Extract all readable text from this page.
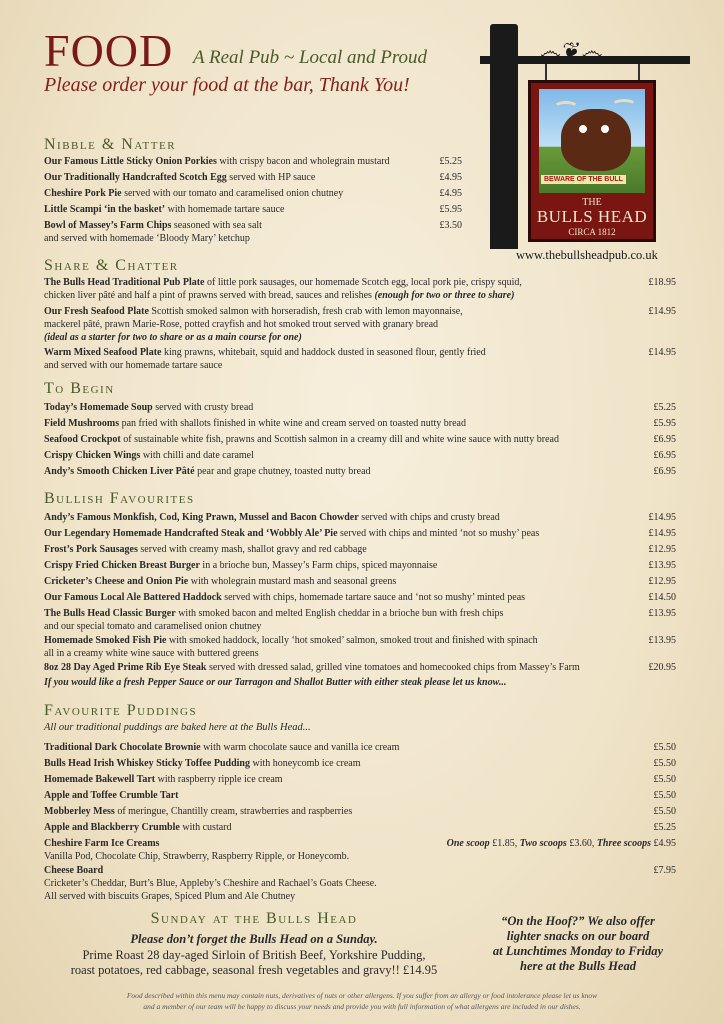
FOOD A Real Pub ~ Local and Proud
Please order your food at the bar, Thank You!
෴❦෴
BEWARE OF THE BULL
THE
BULLS HEAD
CIRCA 1812
www.thebullsheadpub.co.uk
Nibble & Natter
Our Famous Little Sticky Onion Porkies with crispy bacon and wholegrain mustard	£5.25
Our Traditionally Handcrafted Scotch Egg served with HP sauce	£4.95
Cheshire Pork Pie served with our tomato and caramelised onion chutney	£4.95
Little Scampi ‘in the basket’ with homemade tartare sauce	£5.95
Bowl of Massey’s Farm Chips seasoned with sea salt	£3.50
and served with homemade ‘Bloody Mary’ ketchup
Share & Chatter
The Bulls Head Traditional Pub Plate of little pork sausages, our homemade Scotch egg, local pork pie, crispy squid,	£18.95
chicken liver pâté and half a pint of prawns served with bread, sauces and relishes (enough for two or three to share)
Our Fresh Seafood Plate Scottish smoked salmon with horseradish, fresh crab with lemon mayonnaise,	£14.95
mackerel pâté, prawn Marie-Rose, potted crayfish and hot smoked trout served with granary bread
(ideal as a starter for two to share or as a main course for one)
Warm Mixed Seafood Plate king prawns, whitebait, squid and haddock dusted in seasoned flour, gently fried	£14.95
and served with our homemade tartare sauce
To Begin
Today’s Homemade Soup served with crusty bread	£5.25
Field Mushrooms pan fried with shallots finished in white wine and cream served on toasted nutty bread	£5.95
Seafood Crockpot of sustainable white fish, prawns and Scottish salmon in a creamy dill and white wine sauce with nutty bread	£6.95
Crispy Chicken Wings with chilli and date caramel	£6.95
Andy’s Smooth Chicken Liver Pâté pear and grape chutney, toasted nutty bread	£6.95
Bullish Favourites
Andy’s Famous Monkfish, Cod, King Prawn, Mussel and Bacon Chowder served with chips and crusty bread	£14.95
Our Legendary Homemade Handcrafted Steak and ‘Wobbly Ale’ Pie served with chips and minted ‘not so mushy’ peas	£14.95
Frost’s Pork Sausages served with creamy mash, shallot gravy and red cabbage	£12.95
Crispy Fried Chicken Breast Burger in a brioche bun, Massey’s Farm chips, spiced mayonnaise	£13.95
Cricketer’s Cheese and Onion Pie with wholegrain mustard mash and seasonal greens	£12.95
Our Famous Local Ale Battered Haddock served with chips, homemade tartare sauce and ‘not so mushy’ minted peas	£14.50
The Bulls Head Classic Burger with smoked bacon and melted English cheddar in a brioche bun with fresh chips	£13.95
and our special tomato and caramelised onion chutney
Homemade Smoked Fish Pie with smoked haddock, locally ‘hot smoked’ salmon, smoked trout and finished with spinach	£13.95
all in a creamy white wine sauce with buttered greens
8oz 28 Day Aged Prime Rib Eye Steak served with dressed salad, grilled vine tomatoes and homecooked chips from Massey’s Farm	£20.95
If you would like a fresh Pepper Sauce or our Tarragon and Shallot Butter with either steak please let us know...
Favourite Puddings
All our traditional puddings are baked here at the Bulls Head...
Traditional Dark Chocolate Brownie with warm chocolate sauce and vanilla ice cream	£5.50
Bulls Head Irish Whiskey Sticky Toffee Pudding with honeycomb ice cream	£5.50
Homemade Bakewell Tart with raspberry ripple ice cream	£5.50
Apple and Toffee Crumble Tart	£5.50
Mobberley Mess of meringue, Chantilly cream, strawberries and raspberries	£5.50
Apple and Blackberry Crumble with custard	£5.25
Cheshire Farm Ice Creams	One scoop £1.85, Two scoops £3.60, Three scoops £4.95
Vanilla Pod, Chocolate Chip, Strawberry, Raspberry Ripple, or Honeycomb.
Cheese Board	£7.95
Cricketer’s Cheddar, Burt’s Blue, Appleby’s Cheshire and Rachael’s Goats Cheese.
All served with biscuits Grapes, Spiced Plum and Ale Chutney
Sunday at the Bulls Head
Please don’t forget the Bulls Head on a Sunday.
Prime Roast 28 day-aged Sirloin of British Beef, Yorkshire Pudding,
roast potatoes, red cabbage, seasonal fresh vegetables and gravy!! £14.95
“On the Hoof?” We also offer
lighter snacks on our board
at Lunchtimes Monday to Friday
here at the Bulls Head
Food described within this menu may contain nuts, derivatives of nuts or other allergens. If you suffer from an allergy or food intolerance please let us know
and a member of our team will be happy to discuss your needs and provide you with full information of what allergens are included in our dishes.
